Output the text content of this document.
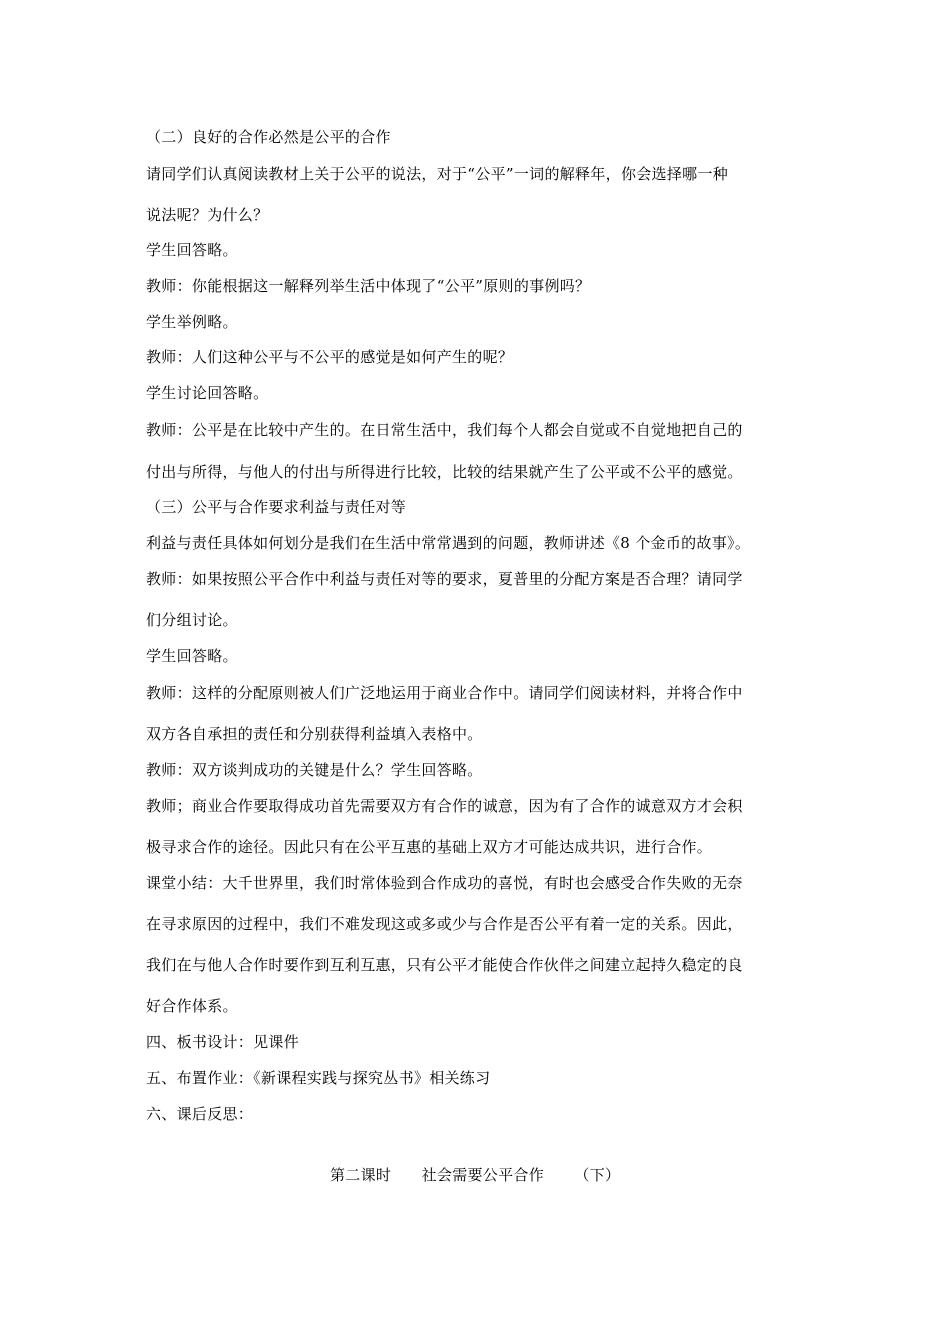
（二）良好的合作必然是公平的合作
请同学们认真阅读教材上关于公平的说法，对于“公平”一词的解释年，你会选择哪一种
说法呢？为什么？
学生回答略。
教师：你能根据这一解释列举生活中体现了“公平”原则的事例吗？
学生举例略。
教师：人们这种公平与不公平的感觉是如何产生的呢？
学生讨论回答略。
教师：公平是在比较中产生的。在日常生活中，我们每个人都会自觉或不自觉地把自己的
付出与所得，与他人的付出与所得进行比较，比较的结果就产生了公平或不公平的感觉。
（三）公平与合作要求利益与责任对等
利益与责任具体如何划分是我们在生活中常常遇到的问题，教师讲述《8 个金币的故事》。
教师：如果按照公平合作中利益与责任对等的要求，夏普里的分配方案是否合理？请同学
们分组讨论。
学生回答略。
教师：这样的分配原则被人们广泛地运用于商业合作中。请同学们阅读材料，并将合作中
双方各自承担的责任和分别获得利益填入表格中。
教师：双方谈判成功的关键是什么？学生回答略。
教师；商业合作要取得成功首先需要双方有合作的诚意，因为有了合作的诚意双方才会积
极寻求合作的途径。因此只有在公平互惠的基础上双方才可能达成共识，进行合作。
课堂小结：大千世界里，我们时常体验到合作成功的喜悦，有时也会感受合作失败的无奈
在寻求原因的过程中，我们不难发现这或多或少与合作是否公平有着一定的关系。因此，
我们在与他人合作时要作到互利互惠，只有公平才能使合作伙伴之间建立起持久稳定的良
好合作体系。
四、板书设计：见课件
五、布置作业：《新课程实践与探究丛书》相关练习
六、课后反思：
第二课时      社会需要公平合作      （下）
